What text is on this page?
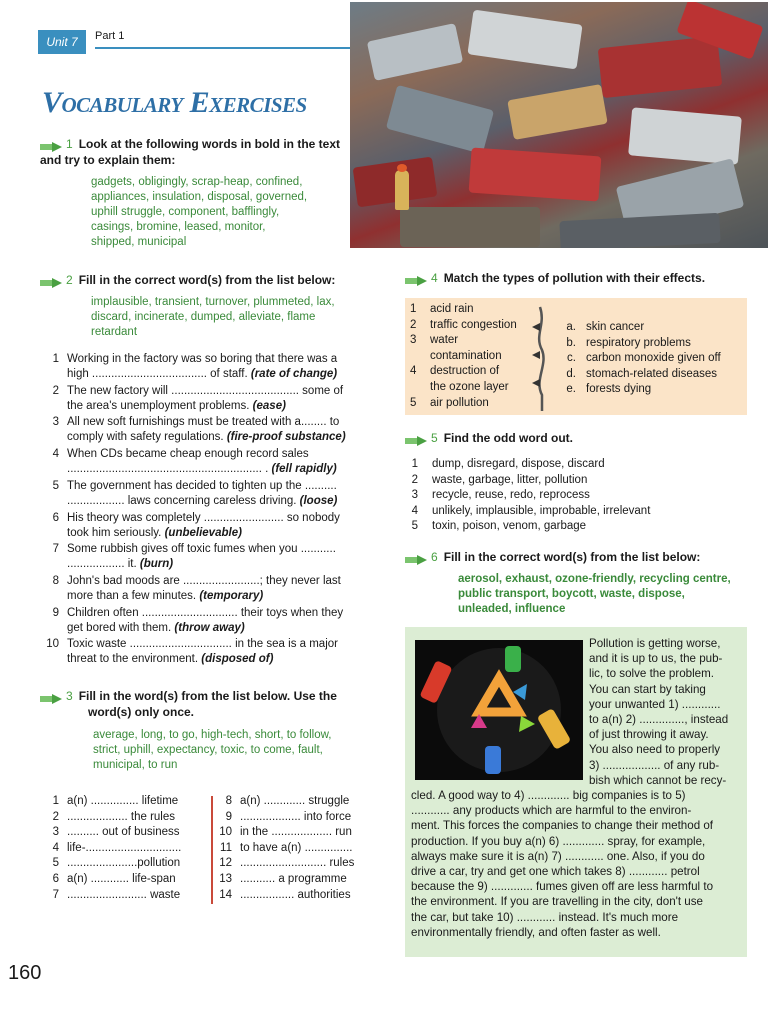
Unit 7	Part 1
Vocabulary Exercises
1 Look at the following words in bold in the text and try to explain them:
gadgets, obligingly, scrap-heap, confined,
appliances, insulation, disposal, governed,
uphill struggle, component, bafflingly,
casings, bromine, leased, monitor,
shipped, municipal
2 Fill in the correct word(s) from the list below:
implausible, transient, turnover, plummeted, lax,
discard, incinerate, dumped, alleviate, flame
retardant
1 Working in the factory was so boring that there was a
high .................................... of staff. (rate of change)
2 The new factory will ........................................ some of
the area's unemployment problems. (ease)
3 All new soft furnishings must be treated with a........ to
comply with safety regulations. (fire-proof substance)
4 When CDs became cheap enough record sales
............................................................. . (fell rapidly)
5 The government has decided to tighten up the ..........
.................. laws concerning careless driving. (loose)
6 His theory was completely ......................... so nobody
took him seriously. (unbelievable)
7 Some rubbish gives off toxic fumes when you ...........
.................. it. (burn)
8 John's bad moods are ........................; they never last
more than a few minutes. (temporary)
9 Children often .............................. their toys when they
get bored with them. (throw away)
10 Toxic waste ................................ in the sea is a major
threat to the environment. (disposed of)
3 Fill in the word(s) from the list below. Use the
word(s) only once.
average, long, to go, high-tech, short, to follow,
strict, uphill, expectancy, toxic, to come, fault,
municipal, to run
1 a(n) ............... lifetime
2 ................... the rules
3 .......... out of business
4 life-..............................
5 ......................pollution
6 a(n) ............ life-span
7 ......................... waste
8 a(n) ............. struggle
9 ................... into force
10 in the ................... run
11 to have a(n) ...............
12 ........................... rules
13 ........... a programme
14 ................. authorities
4 Match the types of pollution with their effects.
1 acid rain
2 traffic congestion
3 water
contamination
4 destruction of
the ozone layer
5 air pollution
a. skin cancer
b. respiratory problems
c. carbon monoxide given off
d. stomach-related diseases
e. forests dying
5 Find the odd word out.
1 dump, disregard, dispose, discard
2 waste, garbage, litter, pollution
3 recycle, reuse, redo, reprocess
4 unlikely, implausible, improbable, irrelevant
5 toxin, poison, venom, garbage
6 Fill in the correct word(s) from the list below:
aerosol, exhaust, ozone-friendly, recycling centre,
public transport, boycott, waste, dispose,
unleaded, influence
Pollution is getting worse,
and it is up to us, the pub-
lic, to solve the problem.
You can start by taking
your unwanted 1) ............
to a(n) 2) .............., instead
of just throwing it away.
You also need to properly
3) .................. of any rub-
bish which cannot be recy-
cled. A good way to 4) ............. big companies is to 5)
............ any products which are harmful to the environ-
ment. This forces the companies to change their method of
production. If you buy a(n) 6) ............. spray, for example,
always make sure it is a(n) 7) ............ one. Also, if you do
drive a car, try and get one which takes 8) ............ petrol
because the 9) ............. fumes given off are less harmful to
the environment. If you are travelling in the city, don't use
the car, but take 10) ............ instead. It's much more
environmentally friendly, and often faster as well.
160
